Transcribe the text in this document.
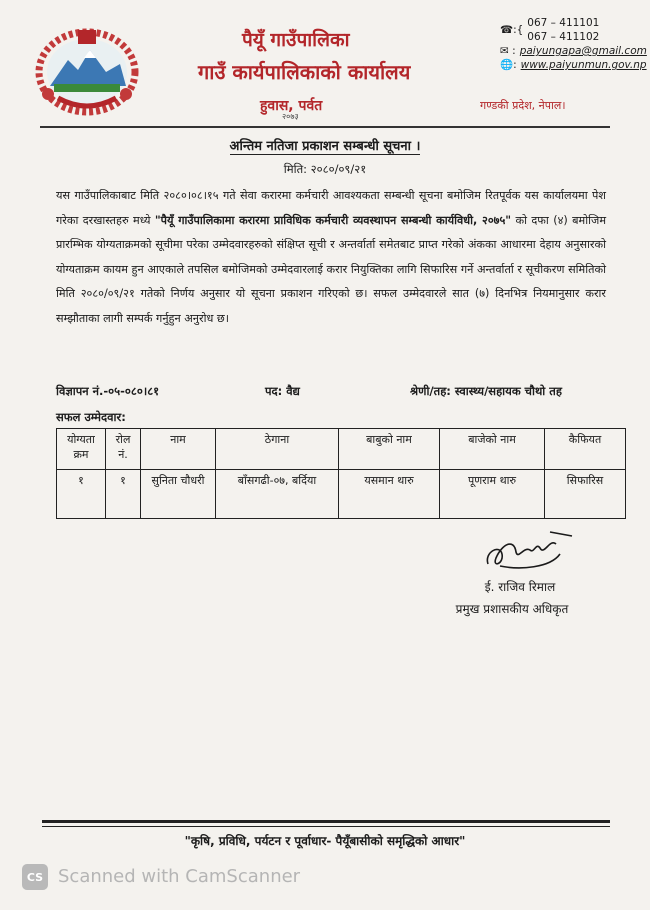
पैयूँ गाउँपालिका
गाउँ कार्यपालिकाको कार्यालय
हुवास, पर्वत
२०७३
☎:{
067 – 411101
067 – 411102
✉ : paiyungapa@gmail.com
🌐: www.paiyunmun.gov.np
गण्डकी प्रदेश, नेपाल।
अन्तिम नतिजा प्रकाशन सम्बन्धी सूचना ।
मिति: २०८०/०९/२१
यस गाउँपालिकाबाट मिति २०८०।०८।१५ गते सेवा करारमा कर्मचारी आवश्यकता सम्बन्धी सूचना बमोजिम रितपूर्वक यस कार्यालयमा पेश गरेका दरखास्तहरु मध्ये "पैयूँ गाउँपालिकामा करारमा प्राविधिक कर्मचारी व्यवस्थापन सम्बन्धी कार्यविधी, २०७५" को दफा (४) बमोजिम प्रारम्भिक योग्यताक्रमको सूचीमा परेका उम्मेदवारहरुको संक्षिप्त सूची र अन्तर्वार्ता समेतबाट प्राप्त गरेको अंकका आधारमा देहाय अनुसारको योग्यताक्रम कायम हुन आएकाले तपसिल बमोजिमको उम्मेदवारलाई करार नियुक्तिका लागि सिफारिस गर्ने अन्तर्वार्ता र सूचीकरण समितिको मिति २०८०/०९/२१ गतेको निर्णय अनुसार यो सूचना प्रकाशन गरिएको छ। सफल उम्मेदवारले सात (७) दिनभित्र नियमानुसार करार सम्झौताका लागी सम्पर्क गर्नुहुन अनुरोध छ।
विज्ञापन नं.-०५-०८०।८१	पद: वैद्य	श्रेणी/तह: स्वास्थ्य/सहायक चौथो तह
सफल उम्मेदवार:
योग्यता क्रम	रोल नं.	नाम	ठेगाना	बाबुको नाम	बाजेको नाम	कैफियत
१	१	सुनिता चौधरी	बाँसगढी-०७, बर्दिया	यसमान थारु	पूणराम थारु	सिफारिस
ई. राजिव रिमाल
प्रमुख प्रशासकीय अधिकृत
"कृषि, प्रविधि, पर्यटन र पूर्वाधार- पैयूँबासीको समृद्धिको आधार"
CS Scanned with CamScanner
